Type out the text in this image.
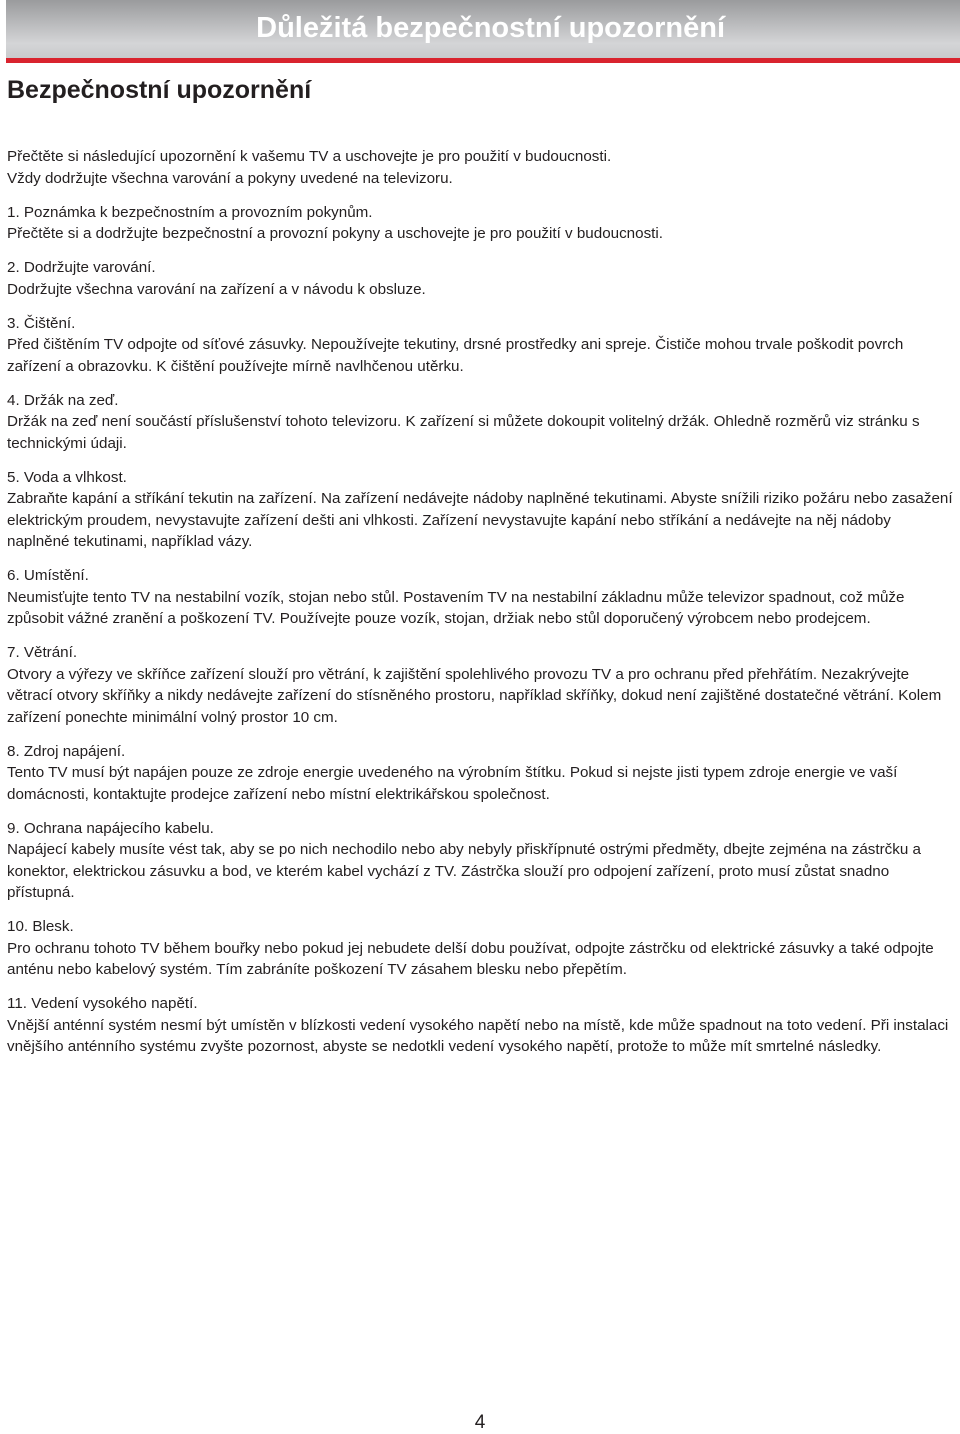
Důležitá bezpečnostní upozornění
Bezpečnostní upozornění

Přečtěte si následující upozornění k vašemu TV a uschovejte je pro použití v budoucnosti.
Vždy dodržujte všechna varování a pokyny uvedené na televizoru.

1. Poznámka k bezpečnostním a provozním pokynům.
Přečtěte si a dodržujte bezpečnostní a provozní pokyny a uschovejte je pro použití v budoucnosti.

2. Dodržujte varování.
Dodržujte všechna varování na zařízení a v návodu k obsluze.

3. Čištění.
Před čištěním TV odpojte od síťové zásuvky. Nepoužívejte tekutiny, drsné prostředky ani spreje. Čističe mohou trvale poškodit povrch zařízení a obrazovku. K čištění používejte mírně navlhčenou utěrku.

4. Držák na zeď.
Držák na zeď není součástí příslušenství tohoto televizoru. K zařízení si můžete dokoupit volitelný držák. Ohledně rozměrů viz stránku s technickými údaji.

5. Voda a vlhkost.
Zabraňte kapání a stříkání tekutin na zařízení. Na zařízení nedávejte nádoby naplněné tekutinami. Abyste snížili riziko požáru nebo zasažení elektrickým proudem, nevystavujte zařízení dešti ani vlhkosti. Zařízení nevystavujte kapání nebo stříkání a nedávejte na něj nádoby naplněné tekutinami, například vázy.

6. Umístění.
Neumisťujte tento TV na nestabilní vozík, stojan nebo stůl. Postavením TV na nestabilní základnu může televizor spadnout, což může způsobit vážné zranění a poškození TV. Používejte pouze vozík, stojan, držiak nebo stůl doporučený výrobcem nebo prodejcem.

7. Větrání.
Otvory a výřezy ve skříňce zařízení slouží pro větrání, k zajištění spolehlivého provozu TV a pro ochranu před přehřátím. Nezakrývejte větrací otvory skříňky a nikdy nedávejte zařízení do stísněného prostoru, například skříňky, dokud není zajištěné dostatečné větrání. Kolem zařízení ponechte minimální volný prostor 10 cm.

8. Zdroj napájení.
Tento TV musí být napájen pouze ze zdroje energie uvedeného na výrobním štítku. Pokud si nejste jisti typem zdroje energie ve vaší domácnosti, kontaktujte prodejce zařízení nebo místní elektrikářskou společnost.

9. Ochrana napájecího kabelu.
Napájecí kabely musíte vést tak, aby se po nich nechodilo nebo aby nebyly přiskřípnuté ostrými předměty, dbejte zejména na zástrčku a konektor, elektrickou zásuvku a bod, ve kterém kabel vychází z TV. Zástrčka slouží pro odpojení zařízení, proto musí zůstat snadno přístupná.

10. Blesk.
Pro ochranu tohoto TV během bouřky nebo pokud jej nebudete delší dobu používat, odpojte zástrčku od elektrické zásuvky a také odpojte anténu nebo kabelový systém. Tím zabráníte poškození TV zásahem blesku nebo přepětím.

11. Vedení vysokého napětí.
Vnější anténní systém nesmí být umístěn v blízkosti vedení vysokého napětí nebo na místě, kde může spadnout na toto vedení. Při instalaci vnějšího anténního systému zvyšte pozornost, abyste se nedotkli vedení vysokého napětí, protože to může mít smrtelné následky.

4
